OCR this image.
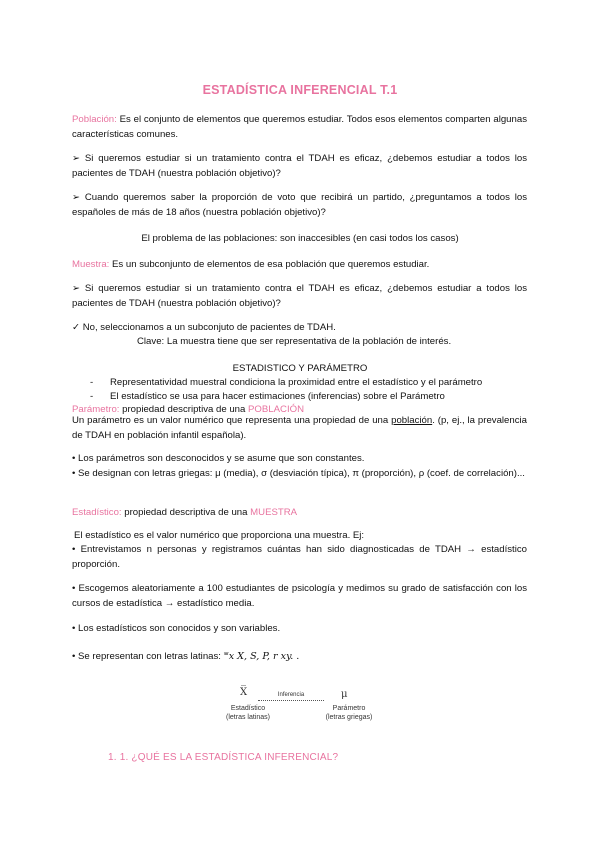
ESTADÍSTICA INFERENCIAL T.1
Población: Es el conjunto de elementos que queremos estudiar. Todos esos elementos comparten algunas características comunes.
➢ Si queremos estudiar si un tratamiento contra el TDAH es eficaz, ¿debemos estudiar a todos los pacientes de TDAH (nuestra población objetivo)?
➢ Cuando queremos saber la proporción de voto que recibirá un partido, ¿preguntamos a todos los españoles de más de 18 años (nuestra población objetivo)?
El problema de las poblaciones: son inaccesibles (en casi todos los casos)
Muestra: Es un subconjunto de elementos de esa población que queremos estudiar.
➢ Si queremos estudiar si un tratamiento contra el TDAH es eficaz, ¿debemos estudiar a todos los pacientes de TDAH (nuestra población objetivo)?
✓ No, seleccionamos a un subconjuto de pacientes de TDAH.
Clave: La muestra tiene que ser representativa de la población de interés.
ESTADISTICO Y PARÁMETRO
- Representatividad muestral condiciona la proximidad entre el estadístico y el parámetro
- El estadístico se usa para hacer estimaciones (inferencias) sobre el Parámetro
Parámetro: propiedad descriptiva de una POBLACIÓN
Un parámetro es un valor numérico que representa una propiedad de una población. (p, ej., la prevalencia de TDAH en población infantil española).
• Los parámetros son desconocidos y se asume que son constantes.
• Se designan con letras griegas: μ (media), σ (desviación típica), π (proporción), ρ (coef. de correlación)...
Estadístico: propiedad descriptiva de una MUESTRA
El estadístico es el valor numérico que proporciona una muestra. Ej:
• Entrevistamos n personas y registramos cuántas han sido diagnosticadas de TDAH → estadístico proporción.
• Escogemos aleatoriamente a 100 estudiantes de psicología y medimos su grado de satisfacción con los cursos de estadística → estadístico media.
• Los estadísticos son conocidos y son variables.
• Se representan con letras latinas: ⁼̅𝑥 X, S, P, r xy. .
X̅	Inferencia	μ
Estadístico
(letras latinas)
Parámetro
(letras griegas)
1. 1. ¿QUÉ ES LA ESTADÍSTICA INFERENCIAL?
